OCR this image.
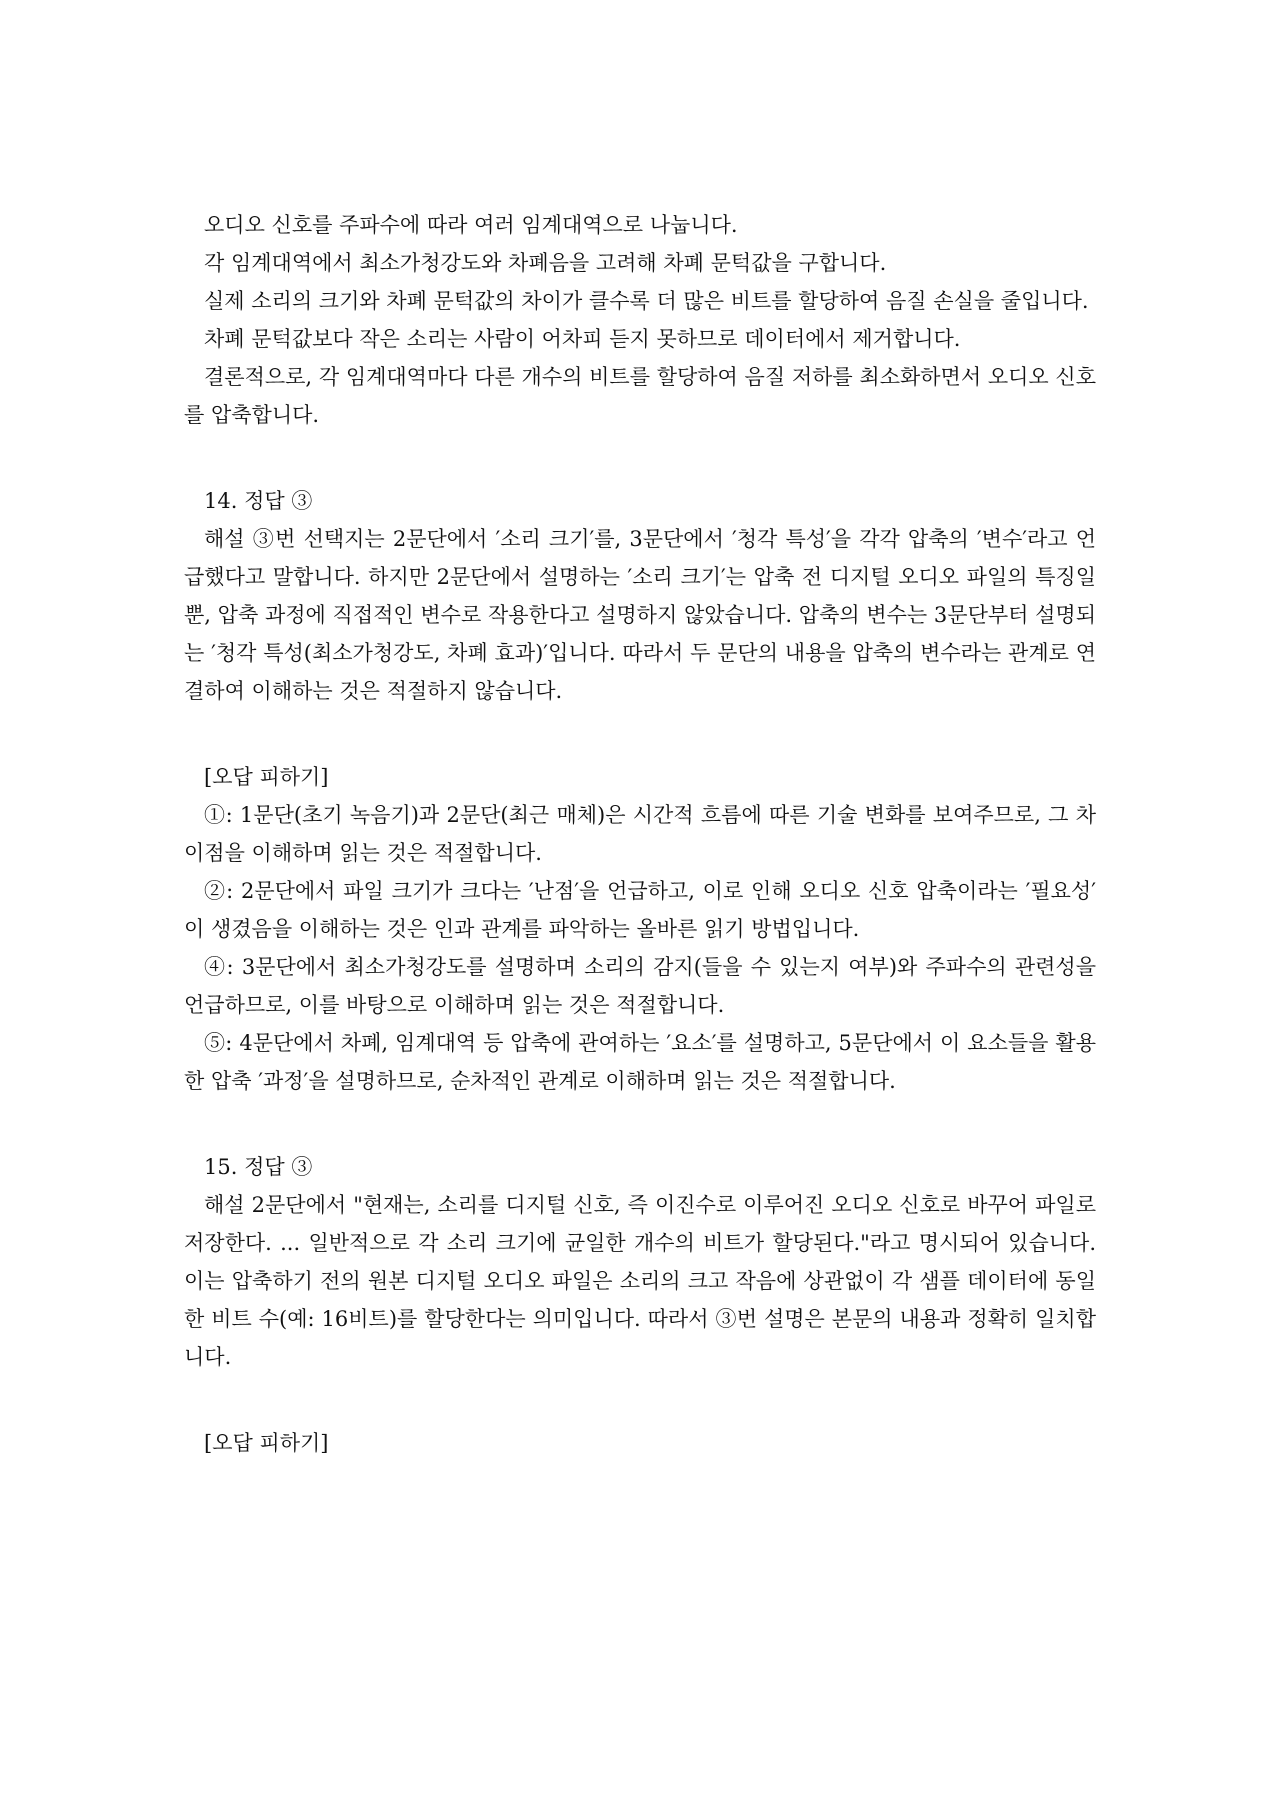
오디오 신호를 주파수에 따라 여러 임계대역으로 나눕니다.

각 임계대역에서 최소가청강도와 차폐음을 고려해 차폐 문턱값을 구합니다.

실제 소리의 크기와 차폐 문턱값의 차이가 클수록 더 많은 비트를 할당하여 음질 손실을 줄입니다.

차폐 문턱값보다 작은 소리는 사람이 어차피 듣지 못하므로 데이터에서 제거합니다.

결론적으로, 각 임계대역마다 다른 개수의 비트를 할당하여 음질 저하를 최소화하면서 오디오 신호를 압축합니다.

14. 정답 ③

해설 ③번 선택지는 2문단에서 ′소리 크기′를, 3문단에서 ′청각 특성′을 각각 압축의 ′변수′라고 언급했다고 말합니다. 하지만 2문단에서 설명하는 ′소리 크기′는 압축 전 디지털 오디오 파일의 특징일 뿐, 압축 과정에 직접적인 변수로 작용한다고 설명하지 않았습니다. 압축의 변수는 3문단부터 설명되는 ′청각 특성(최소가청강도, 차폐 효과)′입니다. 따라서 두 문단의 내용을 압축의 변수라는 관계로 연결하여 이해하는 것은 적절하지 않습니다.

[오답 피하기]

①: 1문단(초기 녹음기)과 2문단(최근 매체)은 시간적 흐름에 따른 기술 변화를 보여주므로, 그 차이점을 이해하며 읽는 것은 적절합니다.

②: 2문단에서 파일 크기가 크다는 ′난점′을 언급하고, 이로 인해 오디오 신호 압축이라는 ′필요성′이 생겼음을 이해하는 것은 인과 관계를 파악하는 올바른 읽기 방법입니다.

④: 3문단에서 최소가청강도를 설명하며 소리의 감지(들을 수 있는지 여부)와 주파수의 관련성을 언급하므로, 이를 바탕으로 이해하며 읽는 것은 적절합니다.

⑤: 4문단에서 차폐, 임계대역 등 압축에 관여하는 ′요소′를 설명하고, 5문단에서 이 요소들을 활용한 압축 ′과정′을 설명하므로, 순차적인 관계로 이해하며 읽는 것은 적절합니다.

15. 정답 ③

해설 2문단에서 "현재는, 소리를 디지털 신호, 즉 이진수로 이루어진 오디오 신호로 바꾸어 파일로 저장한다. ... 일반적으로 각 소리 크기에 균일한 개수의 비트가 할당된다."라고 명시되어 있습니다. 이는 압축하기 전의 원본 디지털 오디오 파일은 소리의 크고 작음에 상관없이 각 샘플 데이터에 동일한 비트 수(예: 16비트)를 할당한다는 의미입니다. 따라서 ③번 설명은 본문의 내용과 정확히 일치합니다.

[오답 피하기]
